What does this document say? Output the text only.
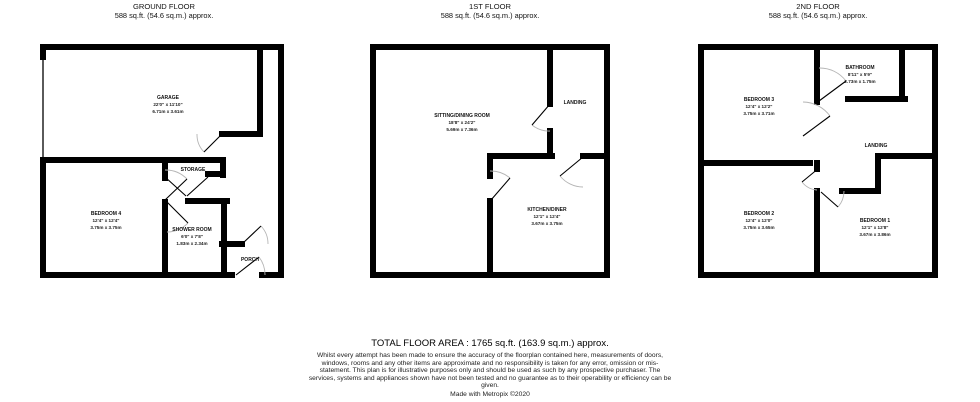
GROUND FLOOR
588 sq.ft. (54.6 sq.m.) approx.
GARAGE
22'0" x 11'10"
6.71m x 3.61m
STORAGE
BEDROOM 4
12'4" x 12'4"
3.75m x 3.75m	SHOWER ROOM
6'0" x 7'8"
1.83m x 2.34m
PORCH
1ST FLOOR
588 sq.ft. (54.6 sq.m.) approx.
SITTING/DINING ROOM
18'8" x 24'2"
5.69m x 7.36m
LANDING
KITCHEN/DINER
12'1" x 12'4"
3.67m x 3.75m
2ND FLOOR
588 sq.ft. (54.6 sq.m.) approx.
BEDROOM 3
12'4" x 12'2"
3.75m x 3.71m
BATHROOM
8'11" x 5'9"
2.73m x 1.75m
LANDING
BEDROOM 2
12'4" x 12'0"
3.75m x 3.65m
BEDROOM 1
12'1" x 12'8"
3.67m x 3.86m
TOTAL FLOOR AREA : 1765 sq.ft. (163.9 sq.m.) approx.
Whilst every attempt has been made to ensure the accuracy of the floorplan contained here, measurements of doors, windows, rooms and any other items are approximate and no responsibility is taken for any error, omission or mis-statement. This plan is for illustrative purposes only and should be used as such by any prospective purchaser. The services, systems and appliances shown have not been tested and no guarantee as to their operability or efficiency can be given.
Made with Metropix ©2020
